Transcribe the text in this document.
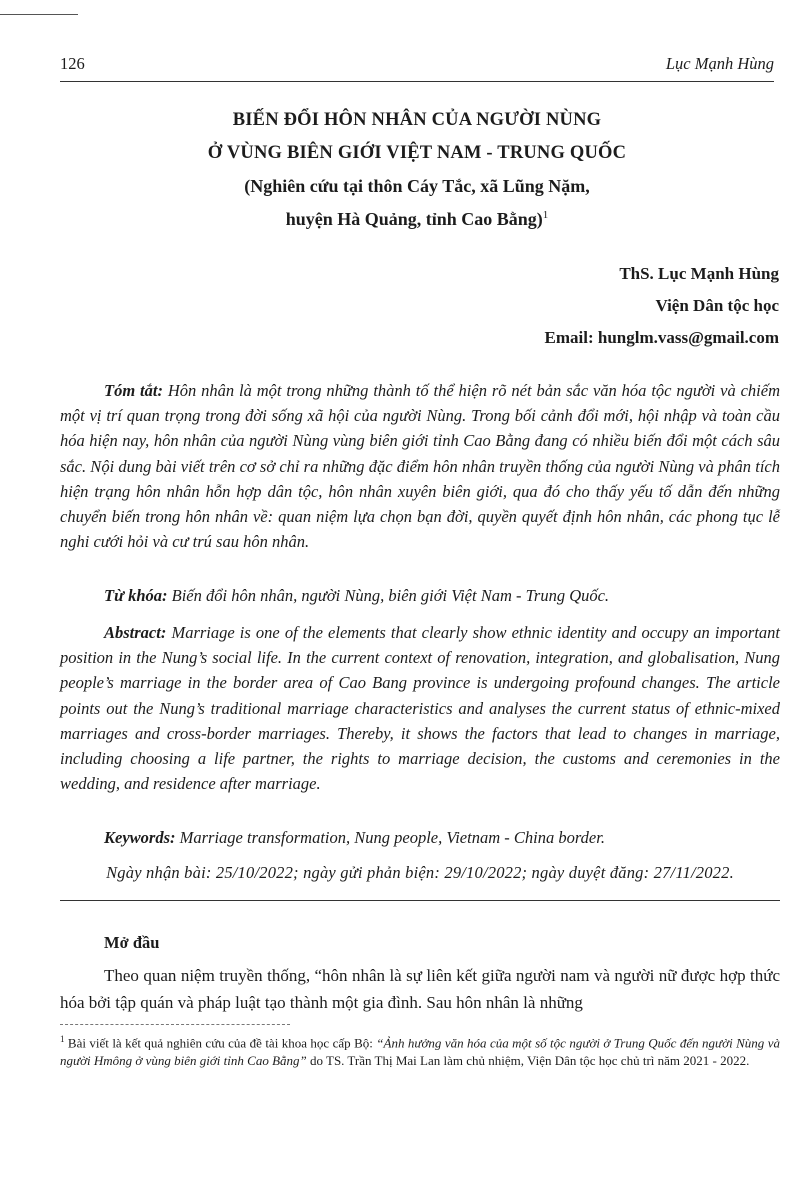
126	Lục Mạnh Hùng
BIẾN ĐỔI HÔN NHÂN CỦA NGƯỜI NÙNG
Ở VÙNG BIÊN GIỚI VIỆT NAM - TRUNG QUỐC
(Nghiên cứu tại thôn Cáy Tắc, xã Lũng Nặm,
huyện Hà Quảng, tỉnh Cao Bằng)$^1$
ThS. Lục Mạnh Hùng
Viện Dân tộc học
Email: hunglm.vass@gmail.com

Tóm tắt: Hôn nhân là một trong những thành tố thể hiện rõ nét bản sắc văn hóa tộc người và chiếm một vị trí quan trọng trong đời sống xã hội của người Nùng. Trong bối cảnh đổi mới, hội nhập và toàn cầu hóa hiện nay, hôn nhân của người Nùng vùng biên giới tỉnh Cao Bằng đang có nhiều biến đổi một cách sâu sắc. Nội dung bài viết trên cơ sở chỉ ra những đặc điểm hôn nhân truyền thống của người Nùng và phân tích hiện trạng hôn nhân hỗn hợp dân tộc, hôn nhân xuyên biên giới, qua đó cho thấy yếu tố dẫn đến những chuyển biến trong hôn nhân về: quan niệm lựa chọn bạn đời, quyền quyết định hôn nhân, các phong tục lễ nghi cưới hỏi và cư trú sau hôn nhân.

Từ khóa: Biến đổi hôn nhân, người Nùng, biên giới Việt Nam - Trung Quốc.

Abstract: Marriage is one of the elements that clearly show ethnic identity and occupy an important position in the Nung’s social life. In the current context of renovation, integration, and globalisation, Nung people’s marriage in the border area of Cao Bang province is undergoing profound changes. The article points out the Nung’s traditional marriage characteristics and analyses the current status of ethnic-mixed marriages and cross-border marriages. Thereby, it shows the factors that lead to changes in marriage, including choosing a life partner, the rights to marriage decision, the customs and ceremonies in the wedding, and residence after marriage.

Keywords: Marriage transformation, Nung people, Vietnam - China border.

Ngày nhận bài: 25/10/2022; ngày gửi phản biện: 29/10/2022; ngày duyệt đăng: 27/11/2022.
Mở đầu

Theo quan niệm truyền thống, “hôn nhân là sự liên kết giữa người nam và người nữ được hợp thức hóa bởi tập quán và pháp luật tạo thành một gia đình. Sau hôn nhân là những

$^1$ Bài viết là kết quả nghiên cứu của đề tài khoa học cấp Bộ: “Ảnh hưởng văn hóa của một số tộc người ở Trung Quốc đến người Nùng và người Hmông ở vùng biên giới tỉnh Cao Bằng” do TS. Trần Thị Mai Lan làm chủ nhiệm, Viện Dân tộc học chủ trì năm 2021 - 2022.
